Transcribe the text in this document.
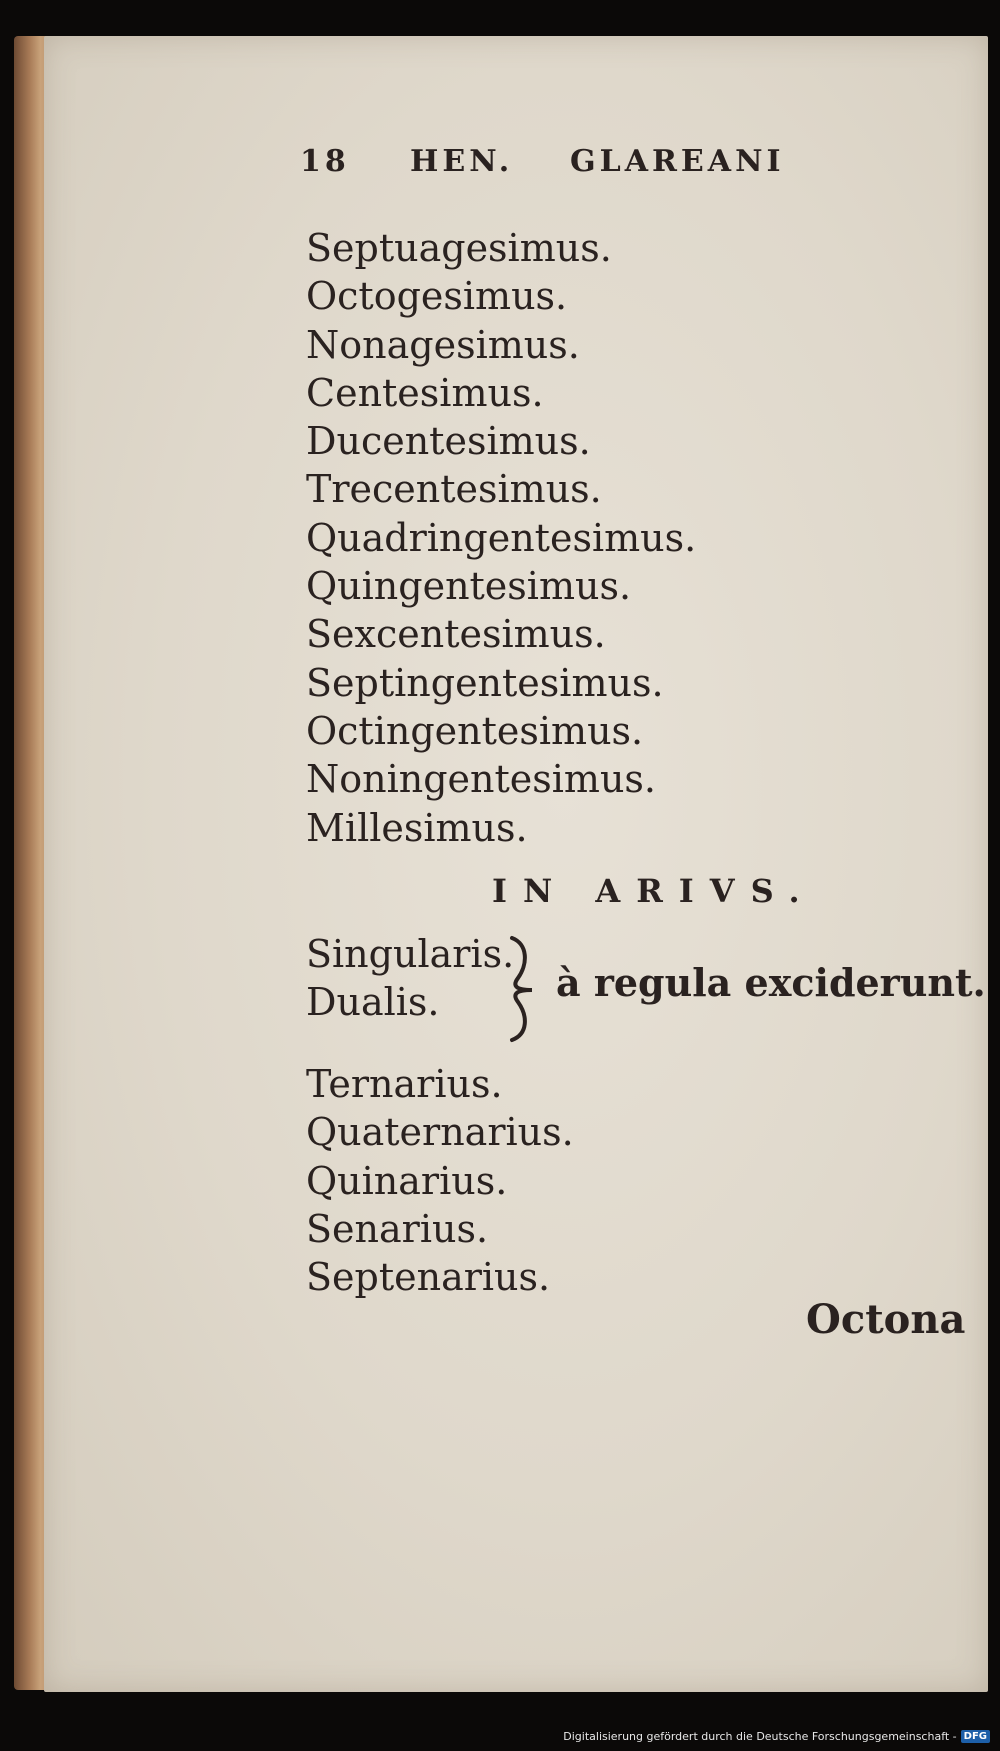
18 HEN. GLAREANI
Septuagesimus.
Octogesimus.
Nonagesimus.
Centesimus.
Ducentesimus.
Trecentesimus.
Quadringentesimus.
Quingentesimus.
Sexcentesimus.
Septingentesimus.
Octingentesimus.
Noningentesimus.
Millesimus.
IN ARIVS.
Singularis.
Dualis.	à regula exciderunt.
Ternarius.
Quaternarius.
Quinarius.
Senarius.
Septenarius.
Octona
Digitalisierung gefördert durch die Deutsche Forschungsgemeinschaft - DFG
